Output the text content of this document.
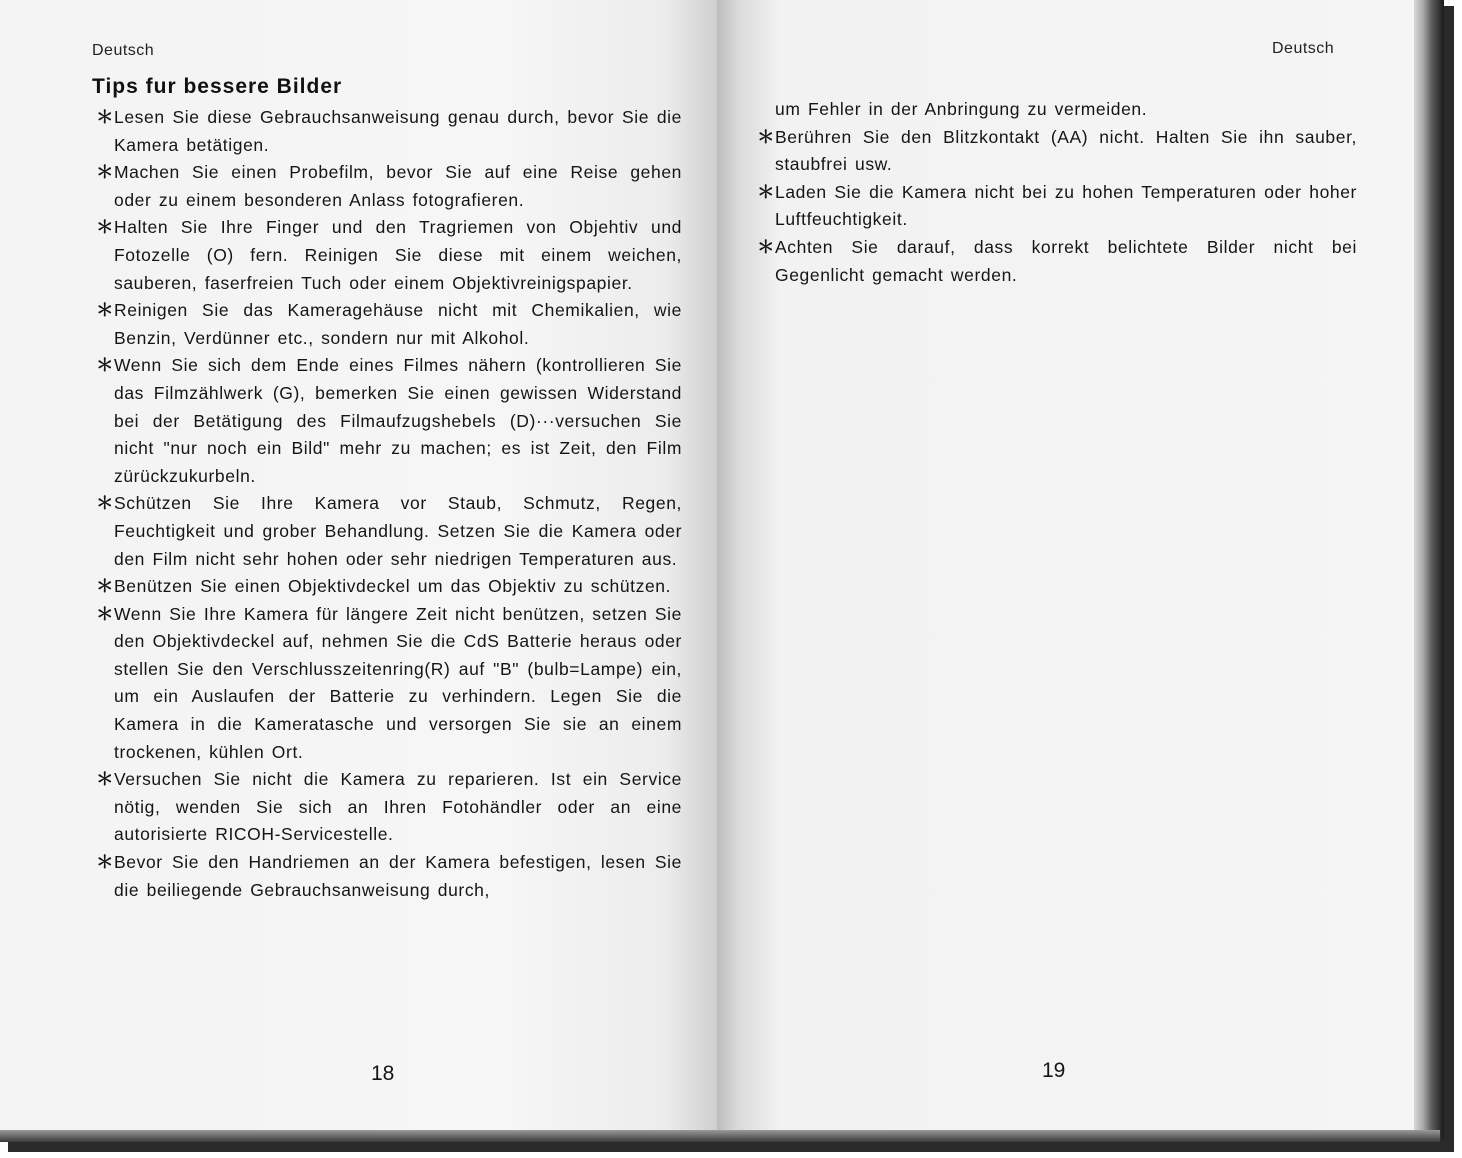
Deutsch
Tips fur bessere Bilder
＊ Lesen Sie diese Gebrauchsanweisung genau durch, bevor Sie die Kamera betätigen.
＊ Machen Sie einen Probefilm, bevor Sie auf eine Reise gehen oder zu einem besonderen Anlass fotografieren.
＊ Halten Sie Ihre Finger und den Tragriemen von Objehtiv und Fotozelle (O) fern. Reinigen Sie diese mit einem weichen, sauberen, faserfreien Tuch oder einem Objektivreinigspapier.
＊ Reinigen Sie das Kameragehäuse nicht mit Chemikalien, wie Benzin, Verdünner etc., sondern nur mit Alkohol.
＊ Wenn Sie sich dem Ende eines Filmes nähern (kontrollieren Sie das Filmzählwerk (G), bemerken Sie einen gewissen Widerstand bei der Betätigung des Filmaufzugshebels (D)···versuchen Sie nicht "nur noch ein Bild" mehr zu machen; es ist Zeit, den Film zürückzukurbeln.
＊ Schützen Sie Ihre Kamera vor Staub, Schmutz, Regen, Feuchtigkeit und grober Behandlung. Setzen Sie die Kamera oder den Film nicht sehr hohen oder sehr niedrigen Temperaturen aus.
＊ Benützen Sie einen Objektivdeckel um das Objektiv zu schützen.
＊ Wenn Sie Ihre Kamera für längere Zeit nicht benützen, setzen Sie den Objektivdeckel auf, nehmen Sie die CdS Batterie heraus oder stellen Sie den Verschlusszeitenring(R) auf "B" (bulb=Lampe) ein, um ein Auslaufen der Batterie zu verhindern. Legen Sie die Kamera in die Kameratasche und versorgen Sie sie an einem trockenen, kühlen Ort.
＊ Versuchen Sie nicht die Kamera zu reparieren. Ist ein Service nötig, wenden Sie sich an Ihren Fotohändler oder an eine autorisierte RICOH-Servicestelle.
＊ Bevor Sie den Handriemen an der Kamera befestigen, lesen Sie die beiliegende Gebrauchsanweisung durch,
18
Deutsch
um Fehler in der Anbringung zu vermeiden.
＊ Berühren Sie den Blitzkontakt (AA) nicht. Halten Sie ihn sauber, staubfrei usw.
＊ Laden Sie die Kamera nicht bei zu hohen Temperaturen oder hoher Luftfeuchtigkeit.
＊ Achten Sie darauf, dass korrekt belichtete Bilder nicht bei Gegenlicht gemacht werden.
19
